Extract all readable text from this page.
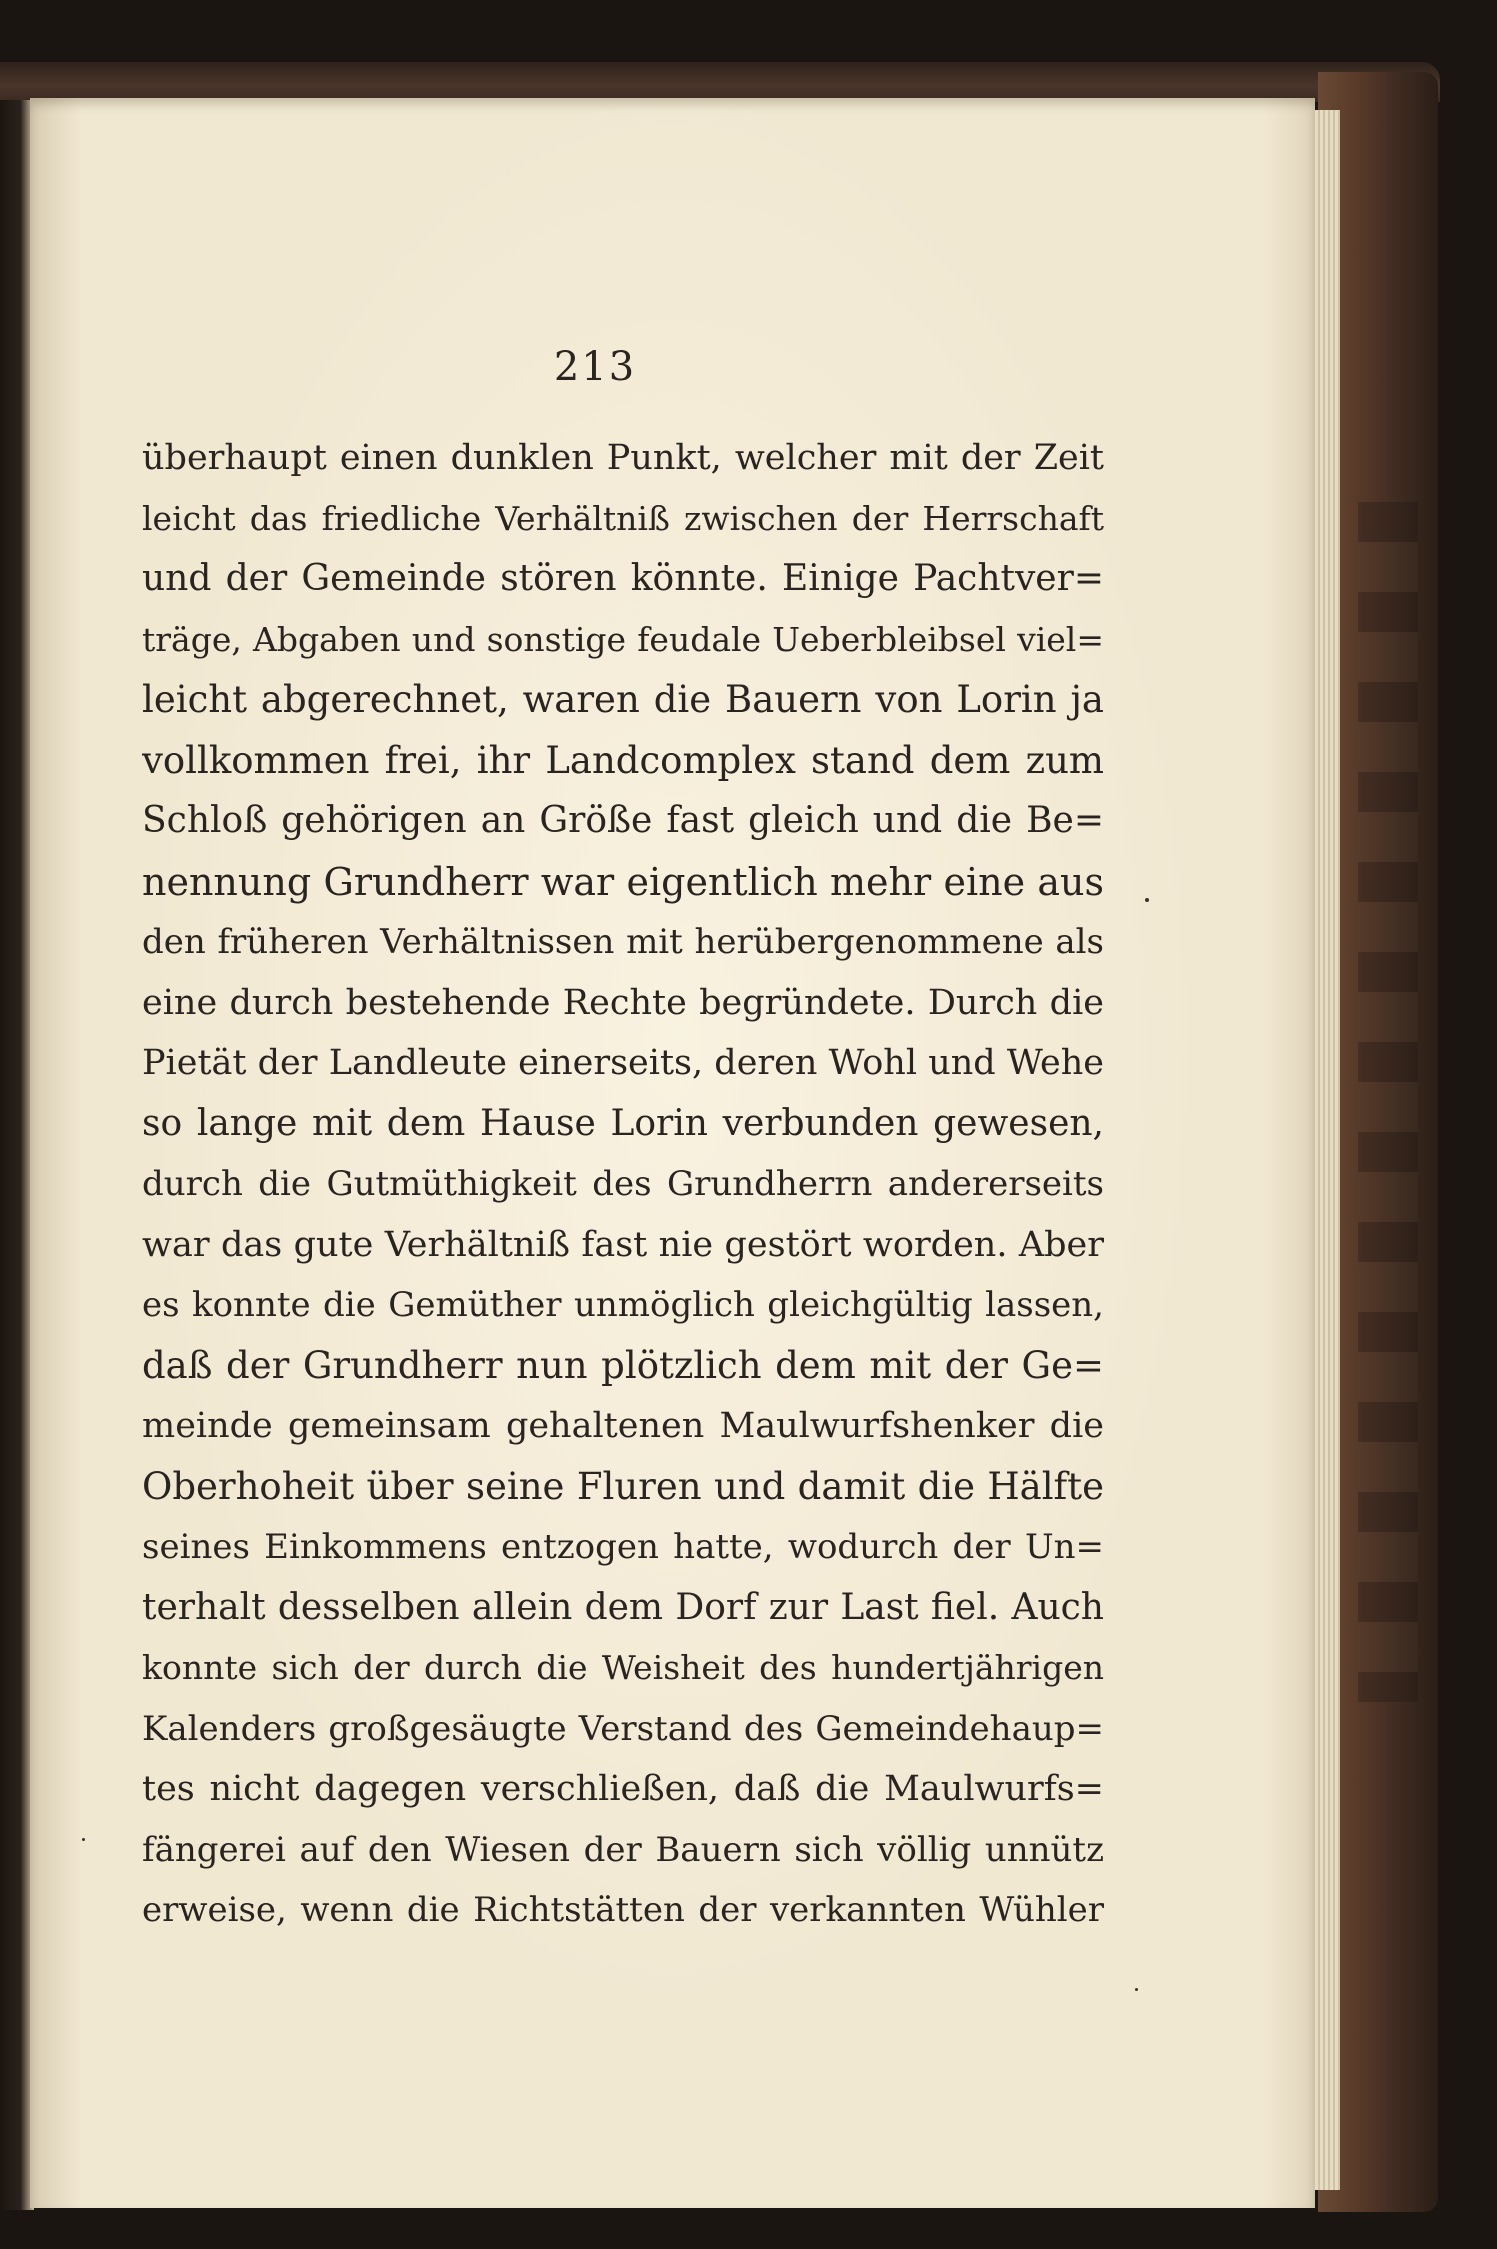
213
überhaupt einen dunklen Punkt, welcher mit der Zeit
leicht das friedliche Verhältniß zwischen der Herrschaft
und der Gemeinde stören könnte. Einige Pachtver=
träge, Abgaben und sonstige feudale Ueberbleibsel viel=
leicht abgerechnet, waren die Bauern von Lorin ja
vollkommen frei, ihr Landcomplex stand dem zum
Schloß gehörigen an Größe fast gleich und die Be=
nennung Grundherr war eigentlich mehr eine aus
den früheren Verhältnissen mit herübergenommene als
eine durch bestehende Rechte begründete. Durch die
Pietät der Landleute einerseits, deren Wohl und Wehe
so lange mit dem Hause Lorin verbunden gewesen,
durch die Gutmüthigkeit des Grundherrn andererseits
war das gute Verhältniß fast nie gestört worden. Aber
es konnte die Gemüther unmöglich gleichgültig lassen,
daß der Grundherr nun plötzlich dem mit der Ge=
meinde gemeinsam gehaltenen Maulwurfshenker die
Oberhoheit über seine Fluren und damit die Hälfte
seines Einkommens entzogen hatte, wodurch der Un=
terhalt desselben allein dem Dorf zur Last fiel. Auch
konnte sich der durch die Weisheit des hundertjährigen
Kalenders großgesäugte Verstand des Gemeindehaup=
tes nicht dagegen verschließen, daß die Maulwurfs=
fängerei auf den Wiesen der Bauern sich völlig unnütz
erweise, wenn die Richtstätten der verkannten Wühler
